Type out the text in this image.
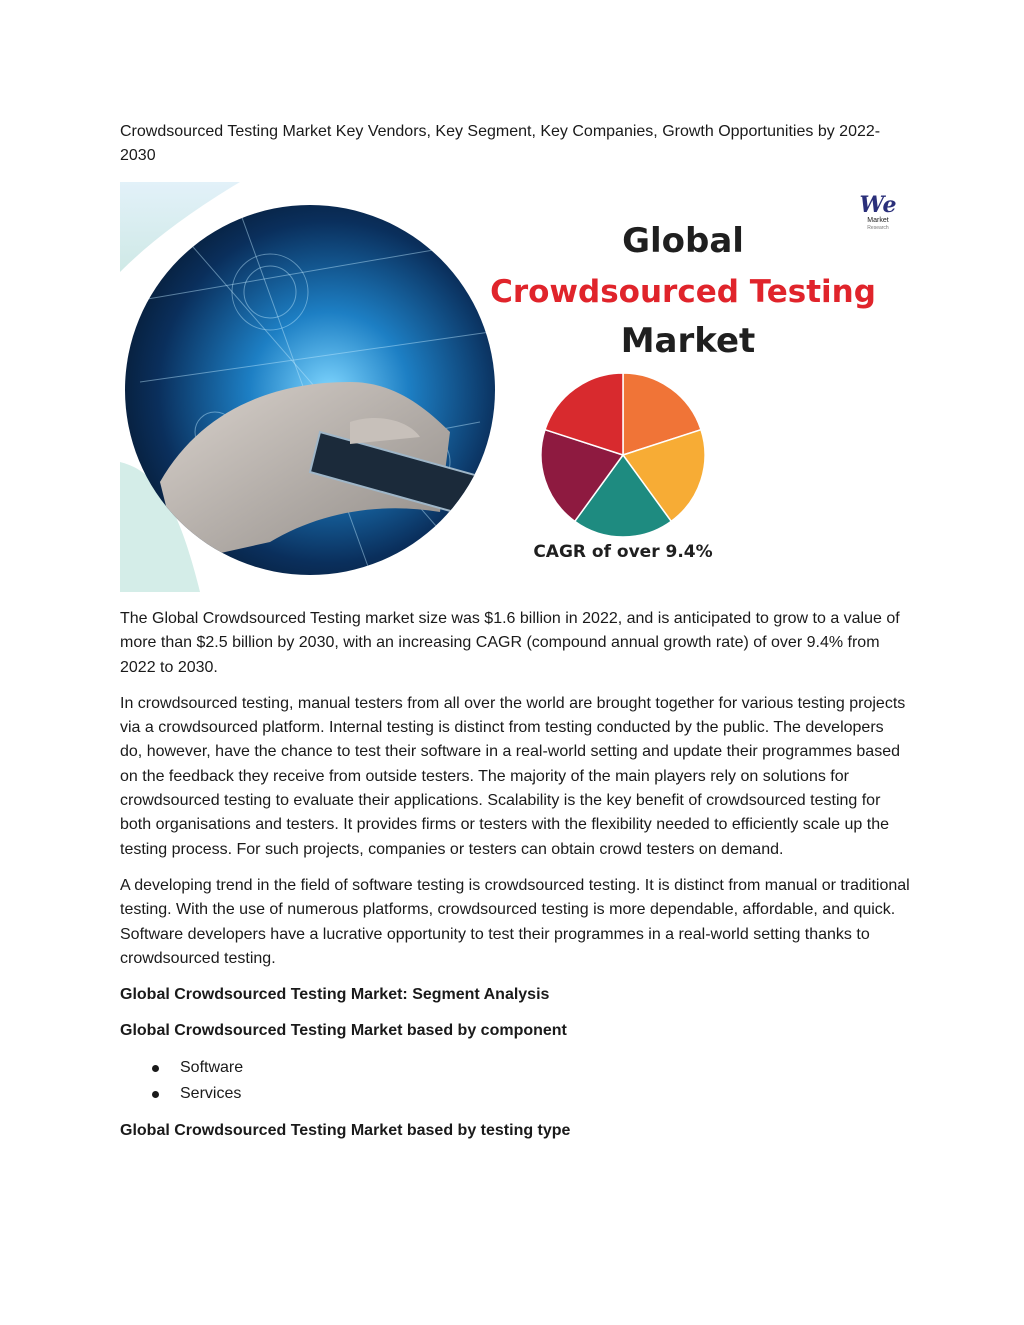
Crowdsourced Testing Market Key Vendors, Key Segment, Key Companies, Growth Opportunities by 2022-2030
We
Market
Research
Global
Crowdsourced Testing
Market
CAGR of over 9.4%

The Global Crowdsourced Testing market size was $1.6 billion in 2022, and is anticipated to grow to a value of more than $2.5 billion by 2030, with an increasing CAGR (compound annual growth rate) of over 9.4% from 2022 to 2030.

In crowdsourced testing, manual testers from all over the world are brought together for various testing projects via a crowdsourced platform. Internal testing is distinct from testing conducted by the public. The developers do, however, have the chance to test their software in a real-world setting and update their programmes based on the feedback they receive from outside testers. The majority of the main players rely on solutions for crowdsourced testing to evaluate their applications. Scalability is the key benefit of crowdsourced testing for both organisations and testers. It provides firms or testers with the flexibility needed to efficiently scale up the testing process. For such projects, companies or testers can obtain crowd testers on demand.

A developing trend in the field of software testing is crowdsourced testing. It is distinct from manual or traditional testing. With the use of numerous platforms, crowdsourced testing is more dependable, affordable, and quick. Software developers have a lucrative opportunity to test their programmes in a real-world setting thanks to crowdsourced testing.

Global Crowdsourced Testing Market: Segment Analysis
Global Crowdsourced Testing Market based by component
Software
Services
Global Crowdsourced Testing Market based by testing type
